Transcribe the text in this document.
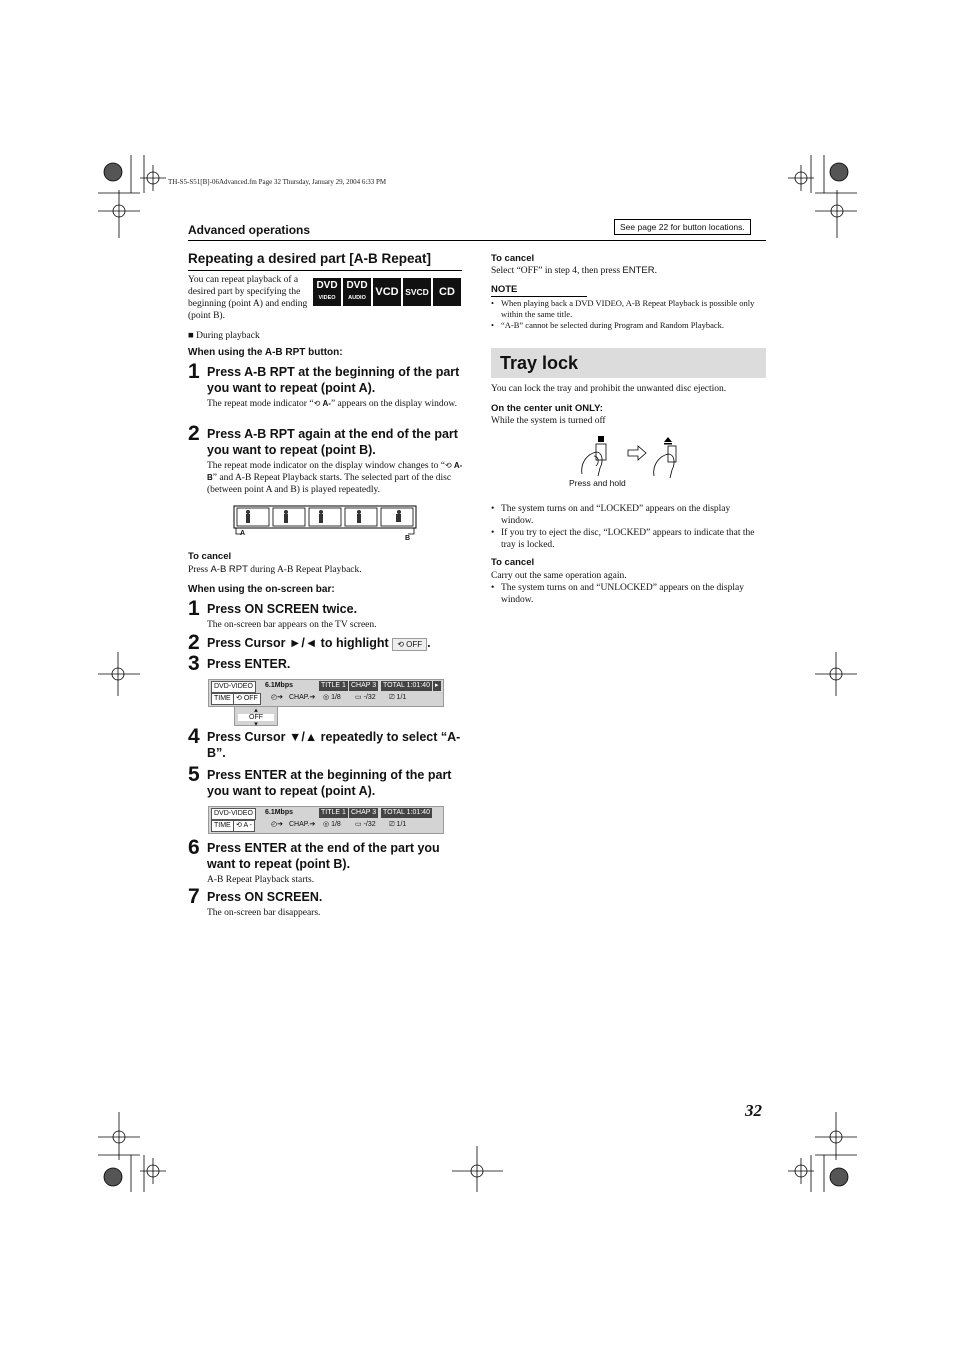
TH-S5-S51[B]-06Advanced.fm Page 32 Thursday, January 29, 2004 6:33 PM
Advanced operations	See page 22 for button locations.
Repeating a desired part [A-B Repeat]
You can repeat playback of a desired part by specifying the beginning (point A) and ending (point B).
DVD
VIDEO
DVD
AUDIO VCD SVCD CD
■ During playback
When using the A-B RPT button:
1 Press A-B RPT at the beginning of the part you want to repeat (point A).
The repeat mode indicator “⟲ A-” appears on the display window.
2 Press A-B RPT again at the end of the part you want to repeat (point B).
The repeat mode indicator on the display window changes to “⟲ A-B” and A-B Repeat Playback starts. The selected part of the disc (between point A and B) is played repeatedly.
A
B
To cancel
Press A-B RPT during A-B Repeat Playback.
When using the on-screen bar:
1 Press ON SCREEN twice.
The on-screen bar appears on the TV screen.
2 Press Cursor ►/◄ to highlight ⟲ OFF .
3 Press ENTER.
DVD-VIDEO	6.1Mbps	TITLE 1 CHAP 3 TOTAL 1:01:40 ▸
TIME ⟲ OFF	◴➔ CHAP.➔ ◎ 1/8 ▭ -/32 ⎚ 1/1
▴
OFF
▾
4 Press Cursor ▼/▲ repeatedly to select “A-B”.
5 Press ENTER at the beginning of the part you want to repeat (point A).
DVD-VIDEO	6.1Mbps	TITLE 1 CHAP 3 TOTAL 1:01:40
TIME ⟲ A -	◴➔ CHAP.➔ ◎ 1/8 ▭ -/32 ⎚ 1/1
6 Press ENTER at the end of the part you want to repeat (point B).
A-B Repeat Playback starts.
7 Press ON SCREEN.
The on-screen bar disappears.
To cancel
Select “OFF” in step 4, then press ENTER.
NOTE
• When playing back a DVD VIDEO, A-B Repeat Playback is possible only within the same title.
• “A-B” cannot be selected during Program and Random Playback.
Tray lock
You can lock the tray and prohibit the unwanted disc ejection.
On the center unit ONLY:
While the system is turned off
Press and hold
• The system turns on and “LOCKED” appears on the display window.
• If you try to eject the disc, “LOCKED” appears to indicate that the tray is locked.
To cancel
Carry out the same operation again.
• The system turns on and “UNLOCKED” appears on the display window.
32
